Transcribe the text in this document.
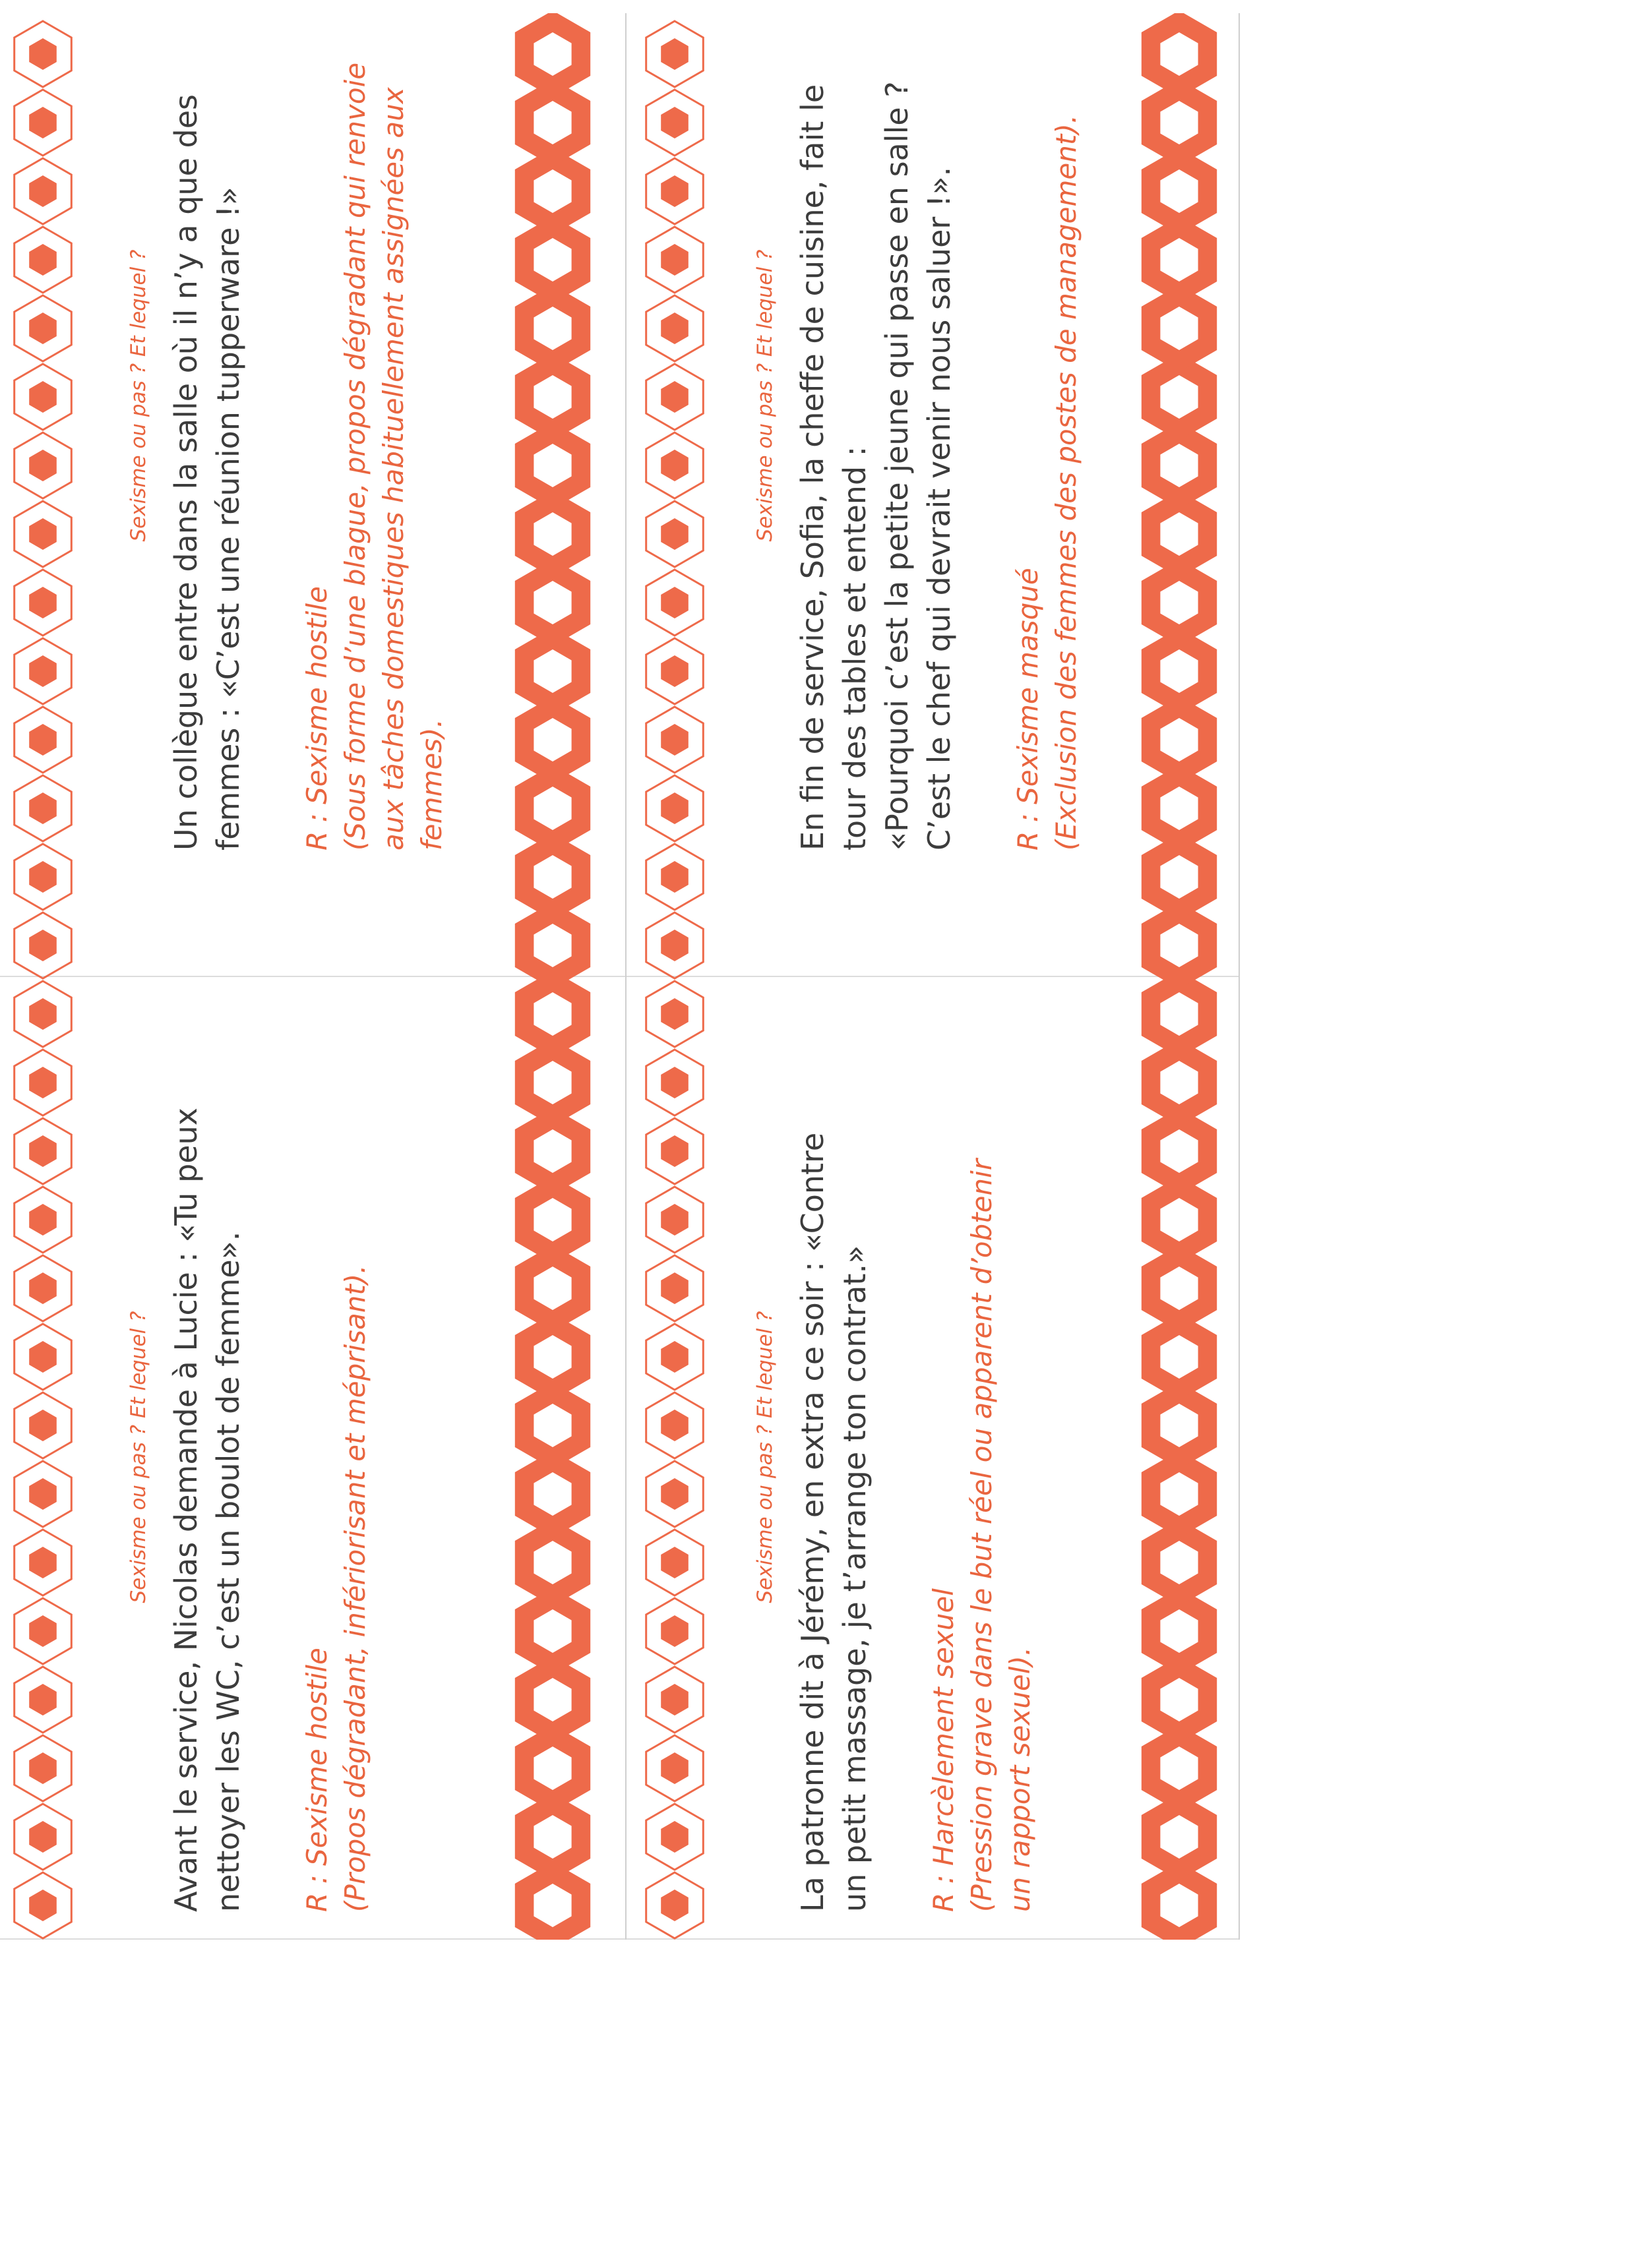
Sexisme ou pas ? Et lequel ?

Avant le service, Nicolas demande à Lucie : «Tu peux
nettoyer les WC, c’est un boulot de femme».

R : Sexisme hostile (Propos dégradant, infériorisant et méprisant).

Sexisme ou pas ? Et lequel ?

Un collègue entre dans la salle où il n’y a que des
femmes : «C’est une réunion tupperware !»

R : Sexisme hostile (Sous forme d’une blague, propos dégradant qui renvoie
aux tâches domestiques habituellement assignées aux
femmes).

Sexisme ou pas ? Et lequel ?

La patronne dit à Jérémy, en extra ce soir : «Contre
un petit massage, je t’arrange ton contrat.»

R : Harcèlement sexuel (Pression grave dans le but réel ou apparent d’obtenir
un rapport sexuel).

Sexisme ou pas ? Et lequel ?

En fin de service, Sofia, la cheffe de cuisine, fait le
tour des tables et entend :
«Pourquoi c’est la petite jeune qui passe en salle ?
C’est le chef qui devrait venir nous saluer !».

R : Sexisme masqué (Exclusion des femmes des postes de management).
